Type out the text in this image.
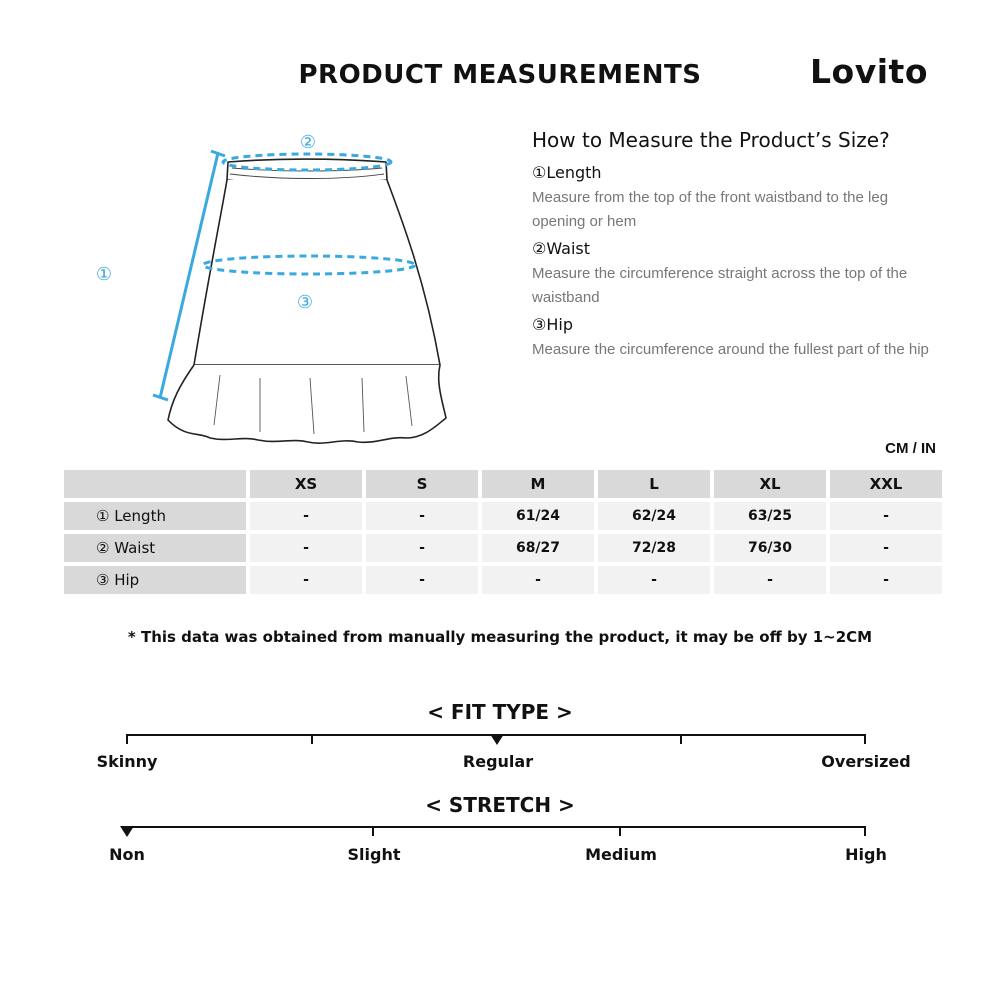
PRODUCT MEASUREMENTS	Lovito
①
②
③
How to Measure the Product’s Size?

①Length

Measure from the top of the front waistband to the leg opening or hem

②Waist

Measure the circumference straight across the top of the waistband

③Hip

Measure the circumference around the fullest part of the hip

CM / IN
	XS	S	M	L	XL	XXL
① Length	-	-	61/24	62/24	63/25	-
② Waist	-	-	68/27	72/28	76/30	-
③ Hip	-	-	-	-	-	-
* This data was obtained from manually measuring the product, it may be off by 1~2CM
< FIT TYPE >
Skinny	Regular	Oversized
< STRETCH >
Non	Slight	Medium	High
